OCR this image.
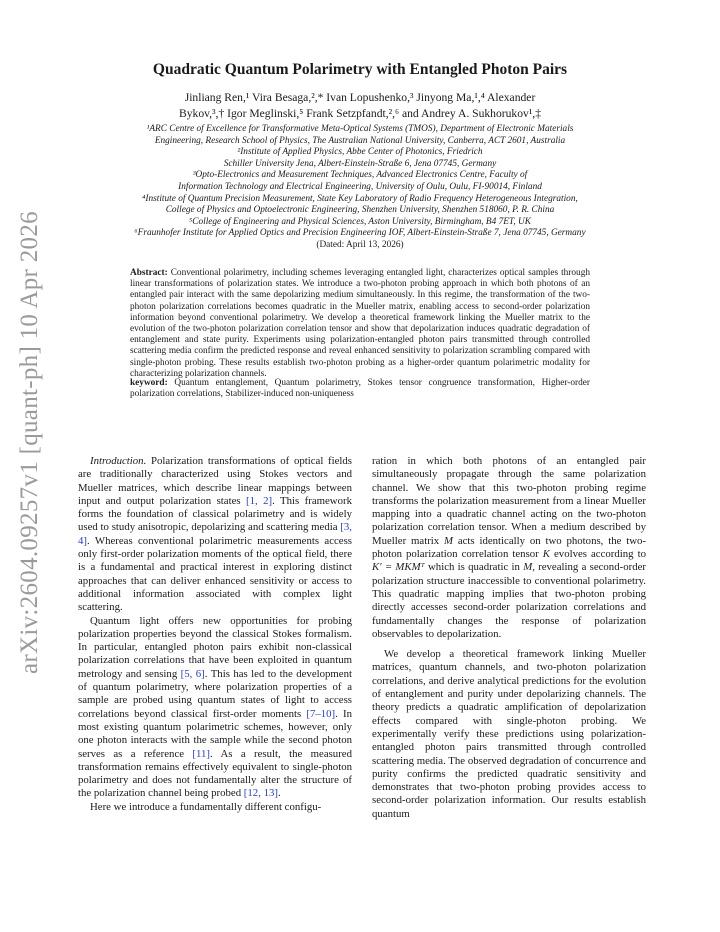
arXiv:2604.09257v1 [quant-ph] 10 Apr 2026
Quadratic Quantum Polarimetry with Entangled Photon Pairs
Jinliang Ren,¹ Vira Besaga,²,* Ivan Lopushenko,³ Jinyong Ma,¹,⁴ Alexander
Bykov,³,† Igor Meglinski,⁵ Frank Setzpfandt,²,⁶ and Andrey A. Sukhorukov¹,‡
¹ARC Centre of Excellence for Transformative Meta-Optical Systems (TMOS), Department of Electronic Materials
Engineering, Research School of Physics, The Australian National University, Canberra, ACT 2601, Australia
²Institute of Applied Physics, Abbe Center of Photonics, Friedrich
Schiller University Jena, Albert-Einstein-Straße 6, Jena 07745, Germany
³Opto-Electronics and Measurement Techniques, Advanced Electronics Centre, Faculty of
Information Technology and Electrical Engineering, University of Oulu, Oulu, FI-90014, Finland
⁴Institute of Quantum Precision Measurement, State Key Laboratory of Radio Frequency Heterogeneous Integration,
College of Physics and Optoelectronic Engineering, Shenzhen University, Shenzhen 518060, P. R. China
⁵College of Engineering and Physical Sciences, Aston University, Birmingham, B4 7ET, UK
⁶Fraunhofer Institute for Applied Optics and Precision Engineering IOF, Albert-Einstein-Straße 7, Jena 07745, Germany
(Dated: April 13, 2026)
Abstract: Conventional polarimetry, including schemes leveraging entangled light, characterizes optical samples through linear transformations of polarization states. We introduce a two-photon probing approach in which both photons of an entangled pair interact with the same depolarizing medium simultaneously. In this regime, the transformation of the two-photon polarization correlations becomes quadratic in the Mueller matrix, enabling access to second-order polarization information beyond conventional polarimetry. We develop a theoretical framework linking the Mueller matrix to the evolution of the two-photon polarization correlation tensor and show that depolarization induces quadratic degradation of entanglement and state purity. Experiments using polarization-entangled photon pairs transmitted through controlled scattering media confirm the predicted response and reveal enhanced sensitivity to polarization scrambling compared with single-photon probing. These results establish two-photon probing as a higher-order quantum polarimetric modality for characterizing polarization channels.
keyword: Quantum entanglement, Quantum polarimetry, Stokes tensor congruence transformation, Higher-order polarization correlations, Stabilizer-induced non-uniqueness

Introduction. Polarization transformations of optical fields are traditionally characterized using Stokes vectors and Mueller matrices, which describe linear mappings between input and output polarization states [1, 2]. This framework forms the foundation of classical polarimetry and is widely used to study anisotropic, depolarizing and scattering media [3, 4]. Whereas conventional polarimetric measurements access only first-order polarization moments of the optical field, there is a fundamental and practical interest in exploring distinct approaches that can deliver enhanced sensitivity or access to additional information associated with complex light scattering.

Quantum light offers new opportunities for probing polarization properties beyond the classical Stokes formalism. In particular, entangled photon pairs exhibit non-classical polarization correlations that have been exploited in quantum metrology and sensing [5, 6]. This has led to the development of quantum polarimetry, where polarization properties of a sample are probed using quantum states of light to access correlations beyond classical first-order moments [7–10]. In most existing quantum polarimetric schemes, however, only one photon interacts with the sample while the second photon serves as a reference [11]. As a result, the measured transformation remains effectively equivalent to single-photon polarimetry and does not fundamentally alter the structure of the polarization channel being probed [12, 13].

Here we introduce a fundamentally different configu-

ration in which both photons of an entangled pair simultaneously propagate through the same polarization channel. We show that this two-photon probing regime transforms the polarization measurement from a linear Mueller mapping into a quadratic channel acting on the two-photon polarization correlation tensor. When a medium described by Mueller matrix M acts identically on two photons, the two-photon polarization correlation tensor K evolves according to K′ = MKMᵀ which is quadratic in M, revealing a second-order polarization structure inaccessible to conventional polarimetry. This quadratic mapping implies that two-photon probing directly accesses second-order polarization correlations and fundamentally changes the response of polarization observables to depolarization.

We develop a theoretical framework linking Mueller matrices, quantum channels, and two-photon polarization correlations, and derive analytical predictions for the evolution of entanglement and purity under depolarizing channels. The theory predicts a quadratic amplification of depolarization effects compared with single-photon probing. We experimentally verify these predictions using polarization-entangled photon pairs transmitted through controlled scattering media. The observed degradation of concurrence and purity confirms the predicted quadratic sensitivity and demonstrates that two-photon probing provides access to second-order polarization information. Our results establish quantum
